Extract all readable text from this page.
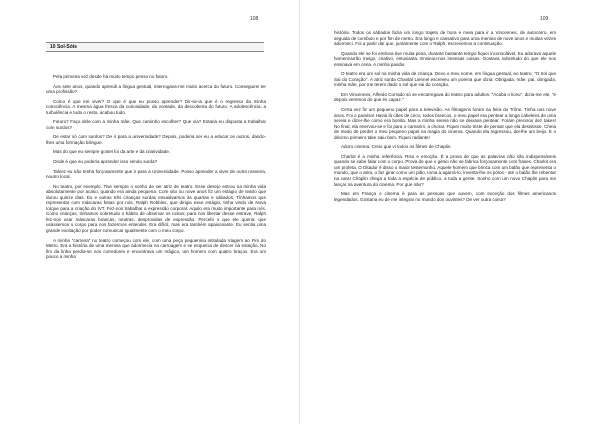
108
10 Sol-Sóis

Pela primeira vez desde há muito tempo penso no futuro.

Aos sete anos, quando aprendi a língua gestual, interrogava-me muito acerca do futuro. Conseguirei ter uma profissão?

Como é que irei viver? O que é que eu posso aprender? Dir-se-ia que é o regresso da minha consciência. A mesma água fresca da curiosidade, da vontade, da descoberta do futuro. A adolescência, a turbulência e tudo o resto, acabou tudo.

Futuro? Faço dele com a minha mãe. Que caminho escolher? Que via? Estaria eu disposta a trabalhar com surdos?

De estar só com surdos? De ir para a universidade? Depois, poderia ser eu a educar os outros, dando-lhes uma formação bilingue.

Mas do que eu sempre gostei foi da arte e da criatividade.

Onde é que eu poderia aprender isso sendo surda?

Talvez eu não tenha forçosamente que ir para a Universidade. Posso aprender a viver de outra maneira, noutro local.

No teatro, por exemplo. Tive sempre o sonho de ser atriz de teatro. Esse desejo entrou na minha vida absolutamente por acaso, quando era ainda pequena. Com oito ou nove anos fiz um estágio de teatro que durou quinze dias. Eu e outras três crianças surdas ensaiávamos às quartas e sábados. Tínhamos que representar com máscaras feitas por nós. Ralph Robbins, que dirigia esse estágio, tinha vindo de Nova Iorque para a criação do IVT. Fez-nos trabalhar a expressão corporal. Aquilo era muito importante para nós. Como crianças, tínhamos sobretudo o hábito de observar os rostos; para nos libertar desse entrave, Ralph fez-nos usar máscaras brancas, neutras, desprovidas de expressão. Percebi o que ele queria: que usássemos o corpo para nos fazermos entender. Era difícil, mas era também apaixonante. Eu sentia uma grande excitação por poder comunicar igualmente com o meu corpo.

A minha "carreira" no teatro começou com ele, com uma peça pequenina intitulada Viagem ao Fim do Metro. Era a história de uma menina que adormecia na carruagem e se esquecia de descer na estação. No fim da linha perdia-se nos corredores e encontrava um mágico, um homem com quatro braços. Era um pouco a minha

109

história. Todos os sábados fazia um longo trajeto de hora e meia para ir a Vincennes, de autocarro, em seguida de comboio e por fim de metro. Era longo e cansativo para uma menina de nove anos e muitas vezes adormeci. Foi a partir daí que, juntamente com o Ralph, escrevemos a continuação.

Quando ele se foi embora tive muita pena, durante bastante tempo fiquei inconsolável. Eu adorava aquele homenzarrão meigo, criativo, entusiasta. Ensinou-nos imensas coisas. Gostava sobretudo do que ele nos ensinava em cena. A minha paixão.

O teatro era um sol na minha vida de criança. Devo o meu nome, em língua gestual, ao teatro, "O Sol que Sai do Coração". A atriz surda Chantal Liennel escreveu um poema que dizia: Obrigada, mãe, pai, obrigada, minha mãe, por me terem dado o sol que sai do coração.

Em Vincennes, Alfredo Corrado só se encarregava do teatro para adultos. "Acaba o liceu", dizia-me ele, "e depois veremos do que és capaz."

Certa vez fiz um pequeno papel para a televisão. As filmagens foram na feira do Trône. Tinha uns nove anos. Foi o paraíso! Havia lá cães de circo, todos brancos, o meu papel era pentear a longa cabeleira de uma sereia e dizer-lhe como era bonita. Mas a minha sereia não se deixava pentear. Foram precisos dez takes! No final, ela enervou-se e foi para o camarim, a chorar. Fiquei muito triste de pensar que ela desistisse. Cheia de medo de perder o meu pequeno papel na magia do cinema. Quando ela regressou, dei-lhe um beijo. E o décimo primeiro take saiu bem. Fiquei radiante!

Adoro cinema. Creio que vi todos os filmes de Chaplin.

Charlot é a minha referência. Riso e emoção. É a prova de que as palavras não são indispensáveis quando se sabe falar com o corpo. Prova de que o génio não se fabrica forçosamente com frases. Charlot era um profeta. O Ditador é disso o maior testemunho. Aquele homem que brinca com um balão que representa o mundo, que o atira, o faz girar como um pião, toma a agarrá-lo, inventa-lhe os pólos - até o balão lhe rebentar na cara! Chaplin chega a toda a espécie de público, a toda a gente. Sonho com um novo Chaplin para me lançar na aventura do cinema. Por que não?

Mas em França o cinema é para as pessoas que ouvem, com exceção dos filmes americanos legendados. Gostaria eu de me integrar no mundo dos ouvintes? De ver outra coisa?
